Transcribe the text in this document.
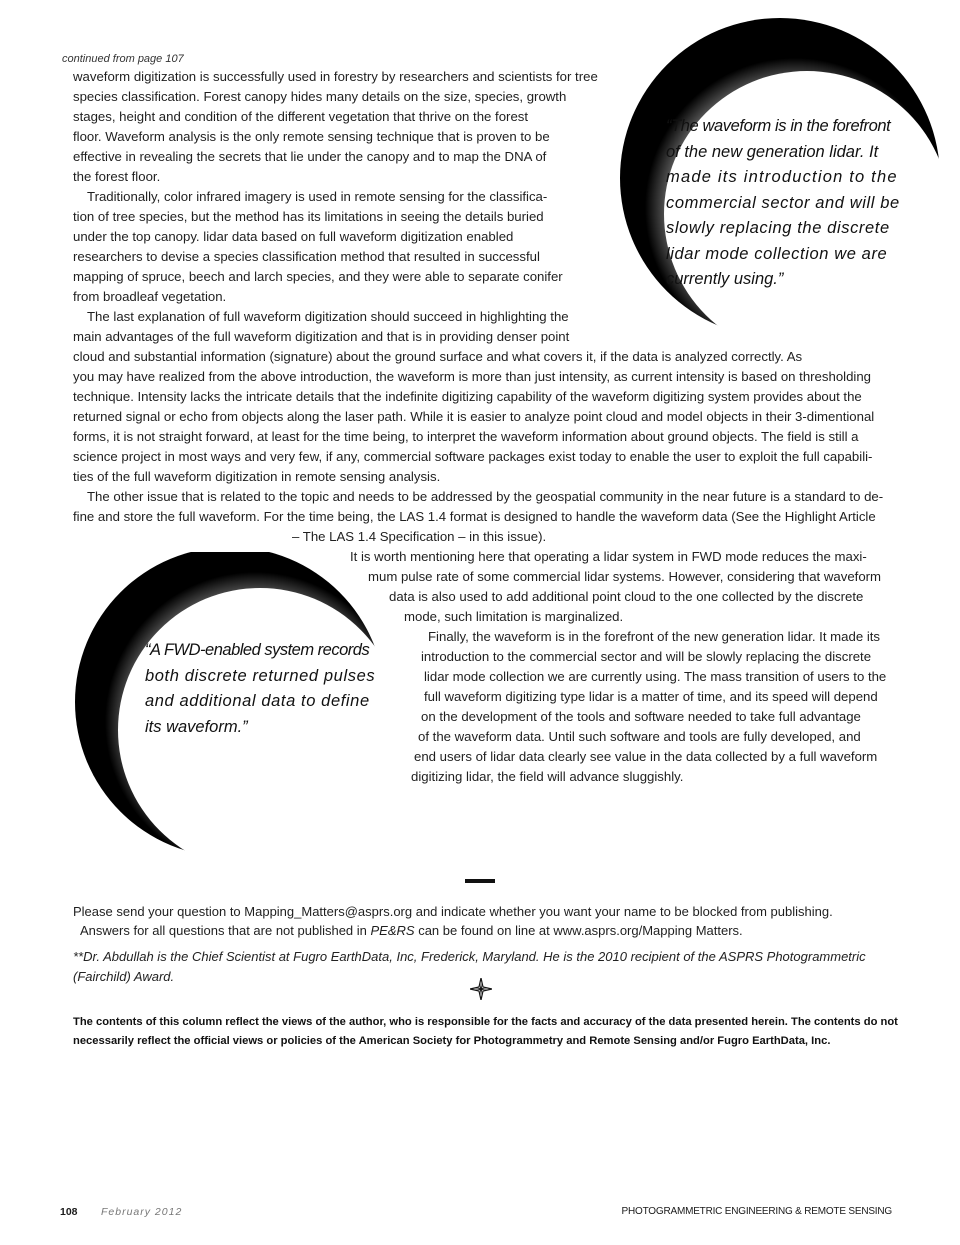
continued from page 107
waveform digitization is successfully used in forestry by researchers and scientists for tree
species classification. Forest canopy hides many details on the size, species, growth
stages, height and condition of the different vegetation that thrive on the forest
floor. Waveform analysis is the only remote sensing technique that is proven to be
effective in revealing the secrets that lie under the canopy and to map the DNA of
the forest floor.
Traditionally, color infrared imagery is used in remote sensing for the classifica-
tion of tree species, but the method has its limitations in seeing the details buried
under the top canopy. lidar data based on full waveform digitization enabled
researchers to devise a species classification method that resulted in successful
mapping of spruce, beech and larch species, and they were able to separate conifer
from broadleaf vegetation.
The last explanation of full waveform digitization should succeed in highlighting the
main advantages of the full waveform digitization and that is in providing denser point
cloud and substantial information (signature) about the ground surface and what covers it, if the data is analyzed correctly. As
you may have realized from the above introduction, the waveform is more than just intensity, as current intensity is based on thresholding
technique. Intensity lacks the intricate details that the indefinite digitizing capability of the waveform digitizing system provides about the
returned signal or echo from objects along the laser path. While it is easier to analyze point cloud and model objects in their 3-dimentional
forms, it is not straight forward, at least for the time being, to interpret the waveform information about ground objects. The field is still a
science project in most ways and very few, if any, commercial software packages exist today to enable the user to exploit the full capabili-
ties of the full waveform digitization in remote sensing analysis.
The other issue that is related to the topic and needs to be addressed by the geospatial community in the near future is a standard to de-
fine and store the full waveform. For the time being, the LAS 1.4 format is designed to handle the waveform data (See the Highlight Article
– The LAS 1.4 Specification – in this issue).
It is worth mentioning here that operating a lidar system in FWD mode reduces the maxi-
mum pulse rate of some commercial lidar systems. However, considering that waveform
data is also used to add additional point cloud to the one collected by the discrete
mode, such limitation is marginalized.
Finally, the waveform is in the forefront of the new generation lidar. It made its
introduction to the commercial sector and will be slowly replacing the discrete
lidar mode collection we are currently using. The mass transition of users to the
full waveform digitizing type lidar is a matter of time, and its speed will depend
on the development of the tools and software needed to take full advantage
of the waveform data. Until such software and tools are fully developed, and
end users of lidar data clearly see value in the data collected by a full waveform
digitizing lidar, the field will advance sluggishly.
“The waveform is in the forefront
of the new generation lidar. It
made its introduction to the
commercial sector and will be
slowly replacing the discrete
lidar mode collection we are
currently using.”
“A FWD-enabled system records
both discrete returned pulses
and additional data to define
its waveform.”
Please send your question to Mapping_Matters@asprs.org and indicate whether you want your name to be blocked from publishing.
Answers for all questions that are not published in PE&RS can be found on line at www.asprs.org/Mapping Matters.
**Dr. Abdullah is the Chief Scientist at Fugro EarthData, Inc, Frederick, Maryland. He is the 2010 recipient of the ASPRS Photogrammetric (Fairchild) Award.
The contents of this column reflect the views of the author, who is responsible for the facts and accuracy of the data presented herein. The contents do not necessarily reflect the official views or policies of the American Society for Photogrammetry and Remote Sensing and/or Fugro EarthData, Inc.
108 February 2012	PHOTOGRAMMETRIC ENGINEERING & REMOTE SENSING
